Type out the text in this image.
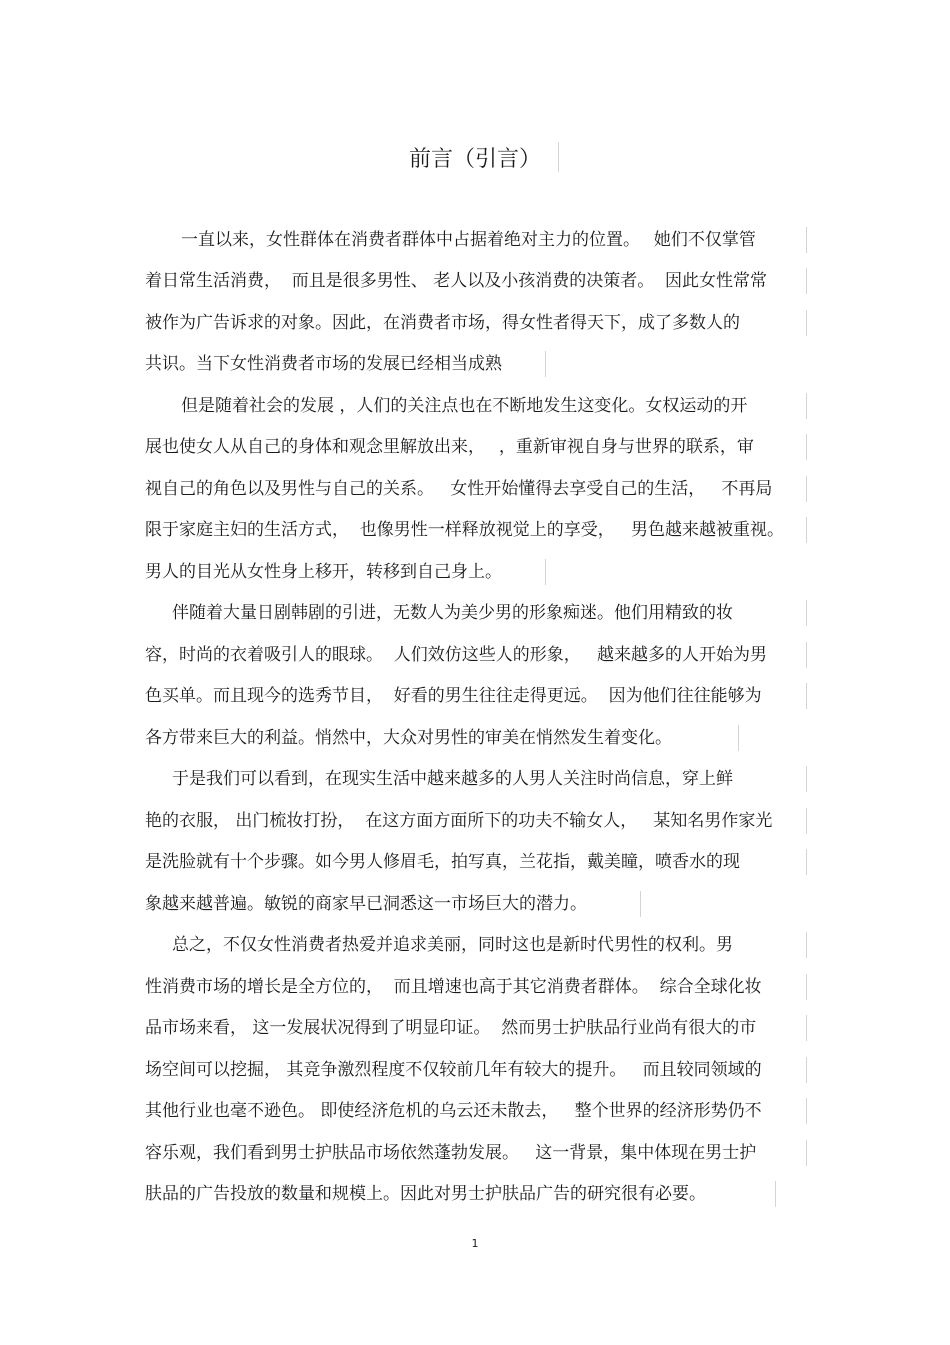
前言（引言）
一直以来，女性群体在消费者群体中占据着绝对主力的位置。　 她们不仅掌管
着日常生活消费，  而且是很多男性、 老人以及小孩消费的决策者。  因此女性常常
被作为广告诉求的对象。因此，在消费者市场，得女性者得天下，成了多数人的
共识。当下女性消费者市场的发展已经相当成熟
但是随着社会的发展 ，人们的关注点也在不断地发生这变化。女权运动的开
展也使女人从自己的身体和观念里解放出来，　 ，重新审视自身与世界的联系，审
视自己的角色以及男性与自己的关系。   女性开始懂得去享受自己的生活，   不再局
限于家庭主妇的生活方式，  也像男性一样释放视觉上的享受，   男色越来越被重视。
男人的目光从女性身上移开，转移到自己身上。
伴随着大量日剧韩剧的引进，无数人为美少男的形象痴迷。他们用精致的妆
容，时尚的衣着吸引人的眼球。  人们效仿这些人的形象，   越来越多的人开始为男
色买单。而且现今的选秀节目，  好看的男生往往走得更远。  因为他们往往能够为
各方带来巨大的利益。悄然中，大众对男性的审美在悄然发生着变化。
于是我们可以看到，在现实生活中越来越多的人男人关注时尚信息，穿上鲜
艳的衣服， 出门梳妆打扮，  在这方面方面所下的功夫不输女人，   某知名男作家光
是洗脸就有十个步骤。如今男人修眉毛，拍写真，兰花指，戴美瞳，喷香水的现
象越来越普遍。敏锐的商家早已洞悉这一市场巨大的潜力。
总之，不仅女性消费者热爱并追求美丽，同时这也是新时代男性的权利。男
性消费市场的增长是全方位的，  而且增速也高于其它消费者群体。  综合全球化妆
品市场来看， 这一发展状况得到了明显印证。  然而男士护肤品行业尚有很大的市
场空间可以挖掘， 其竞争激烈程度不仅较前几年有较大的提升。   而且较同领域的
其他行业也毫不逊色。 即使经济危机的乌云还未散去，   整个世界的经济形势仍不
容乐观，我们看到男士护肤品市场依然蓬勃发展。   这一背景，集中体现在男士护
肤品的广告投放的数量和规模上。因此对男士护肤品广告的研究很有必要。
1
